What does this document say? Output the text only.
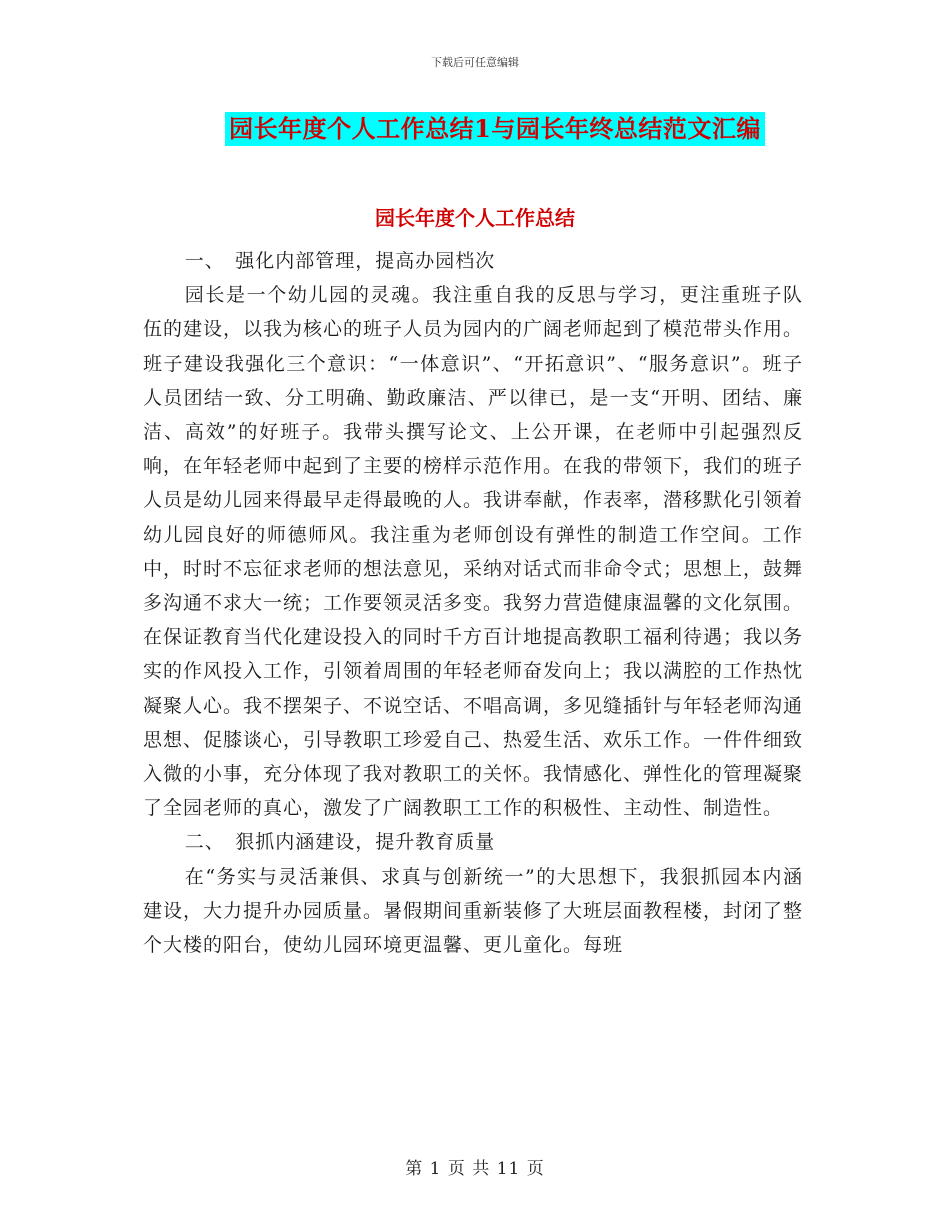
下载后可任意编辑
园长年度个人工作总结1与园长年终总结范文汇编
园长年度个人工作总结

一、　强化内部管理，提高办园档次

园长是一个幼儿园的灵魂。我注重自我的反思与学习，更注重班子队伍的建设，以我为核心的班子人员为园内的广阔老师起到了模范带头作用。班子建设我强化三个意识：“一体意识”、“开拓意识”、“服务意识”。班子人员团结一致、分工明确、勤政廉洁、严以律已，是一支“开明、团结、廉洁、高效”的好班子。我带头撰写论文、上公开课，在老师中引起强烈反响，在年轻老师中起到了主要的榜样示范作用。在我的带领下，我们的班子人员是幼儿园来得最早走得最晚的人。我讲奉献，作表率，潜移默化引领着幼儿园良好的师德师风。我注重为老师创设有弹性的制造工作空间。工作中，时时不忘征求老师的想法意见，采纳对话式而非命令式；思想上，鼓舞多沟通不求大一统；工作要领灵活多变。我努力营造健康温馨的文化氛围。在保证教育当代化建设投入的同时千方百计地提高教职工福利待遇；我以务实的作风投入工作，引领着周围的年轻老师奋发向上；我以满腔的工作热忱凝聚人心。我不摆架子、不说空话、不唱高调，多见缝插针与年轻老师沟通思想、促膝谈心，引导教职工珍爱自己、热爱生活、欢乐工作。一件件细致入微的小事，充分体现了我对教职工的关怀。我情感化、弹性化的管理凝聚了全园老师的真心，激发了广阔教职工工作的积极性、主动性、制造性。

二、　狠抓内涵建设，提升教育质量

在“务实与灵活兼俱、求真与创新统一”的大思想下，我狠抓园本内涵建设，大力提升办园质量。暑假期间重新装修了大班层面教程楼，封闭了整个大楼的阳台，使幼儿园环境更温馨、更儿童化。每班

第 1 页 共 11 页
